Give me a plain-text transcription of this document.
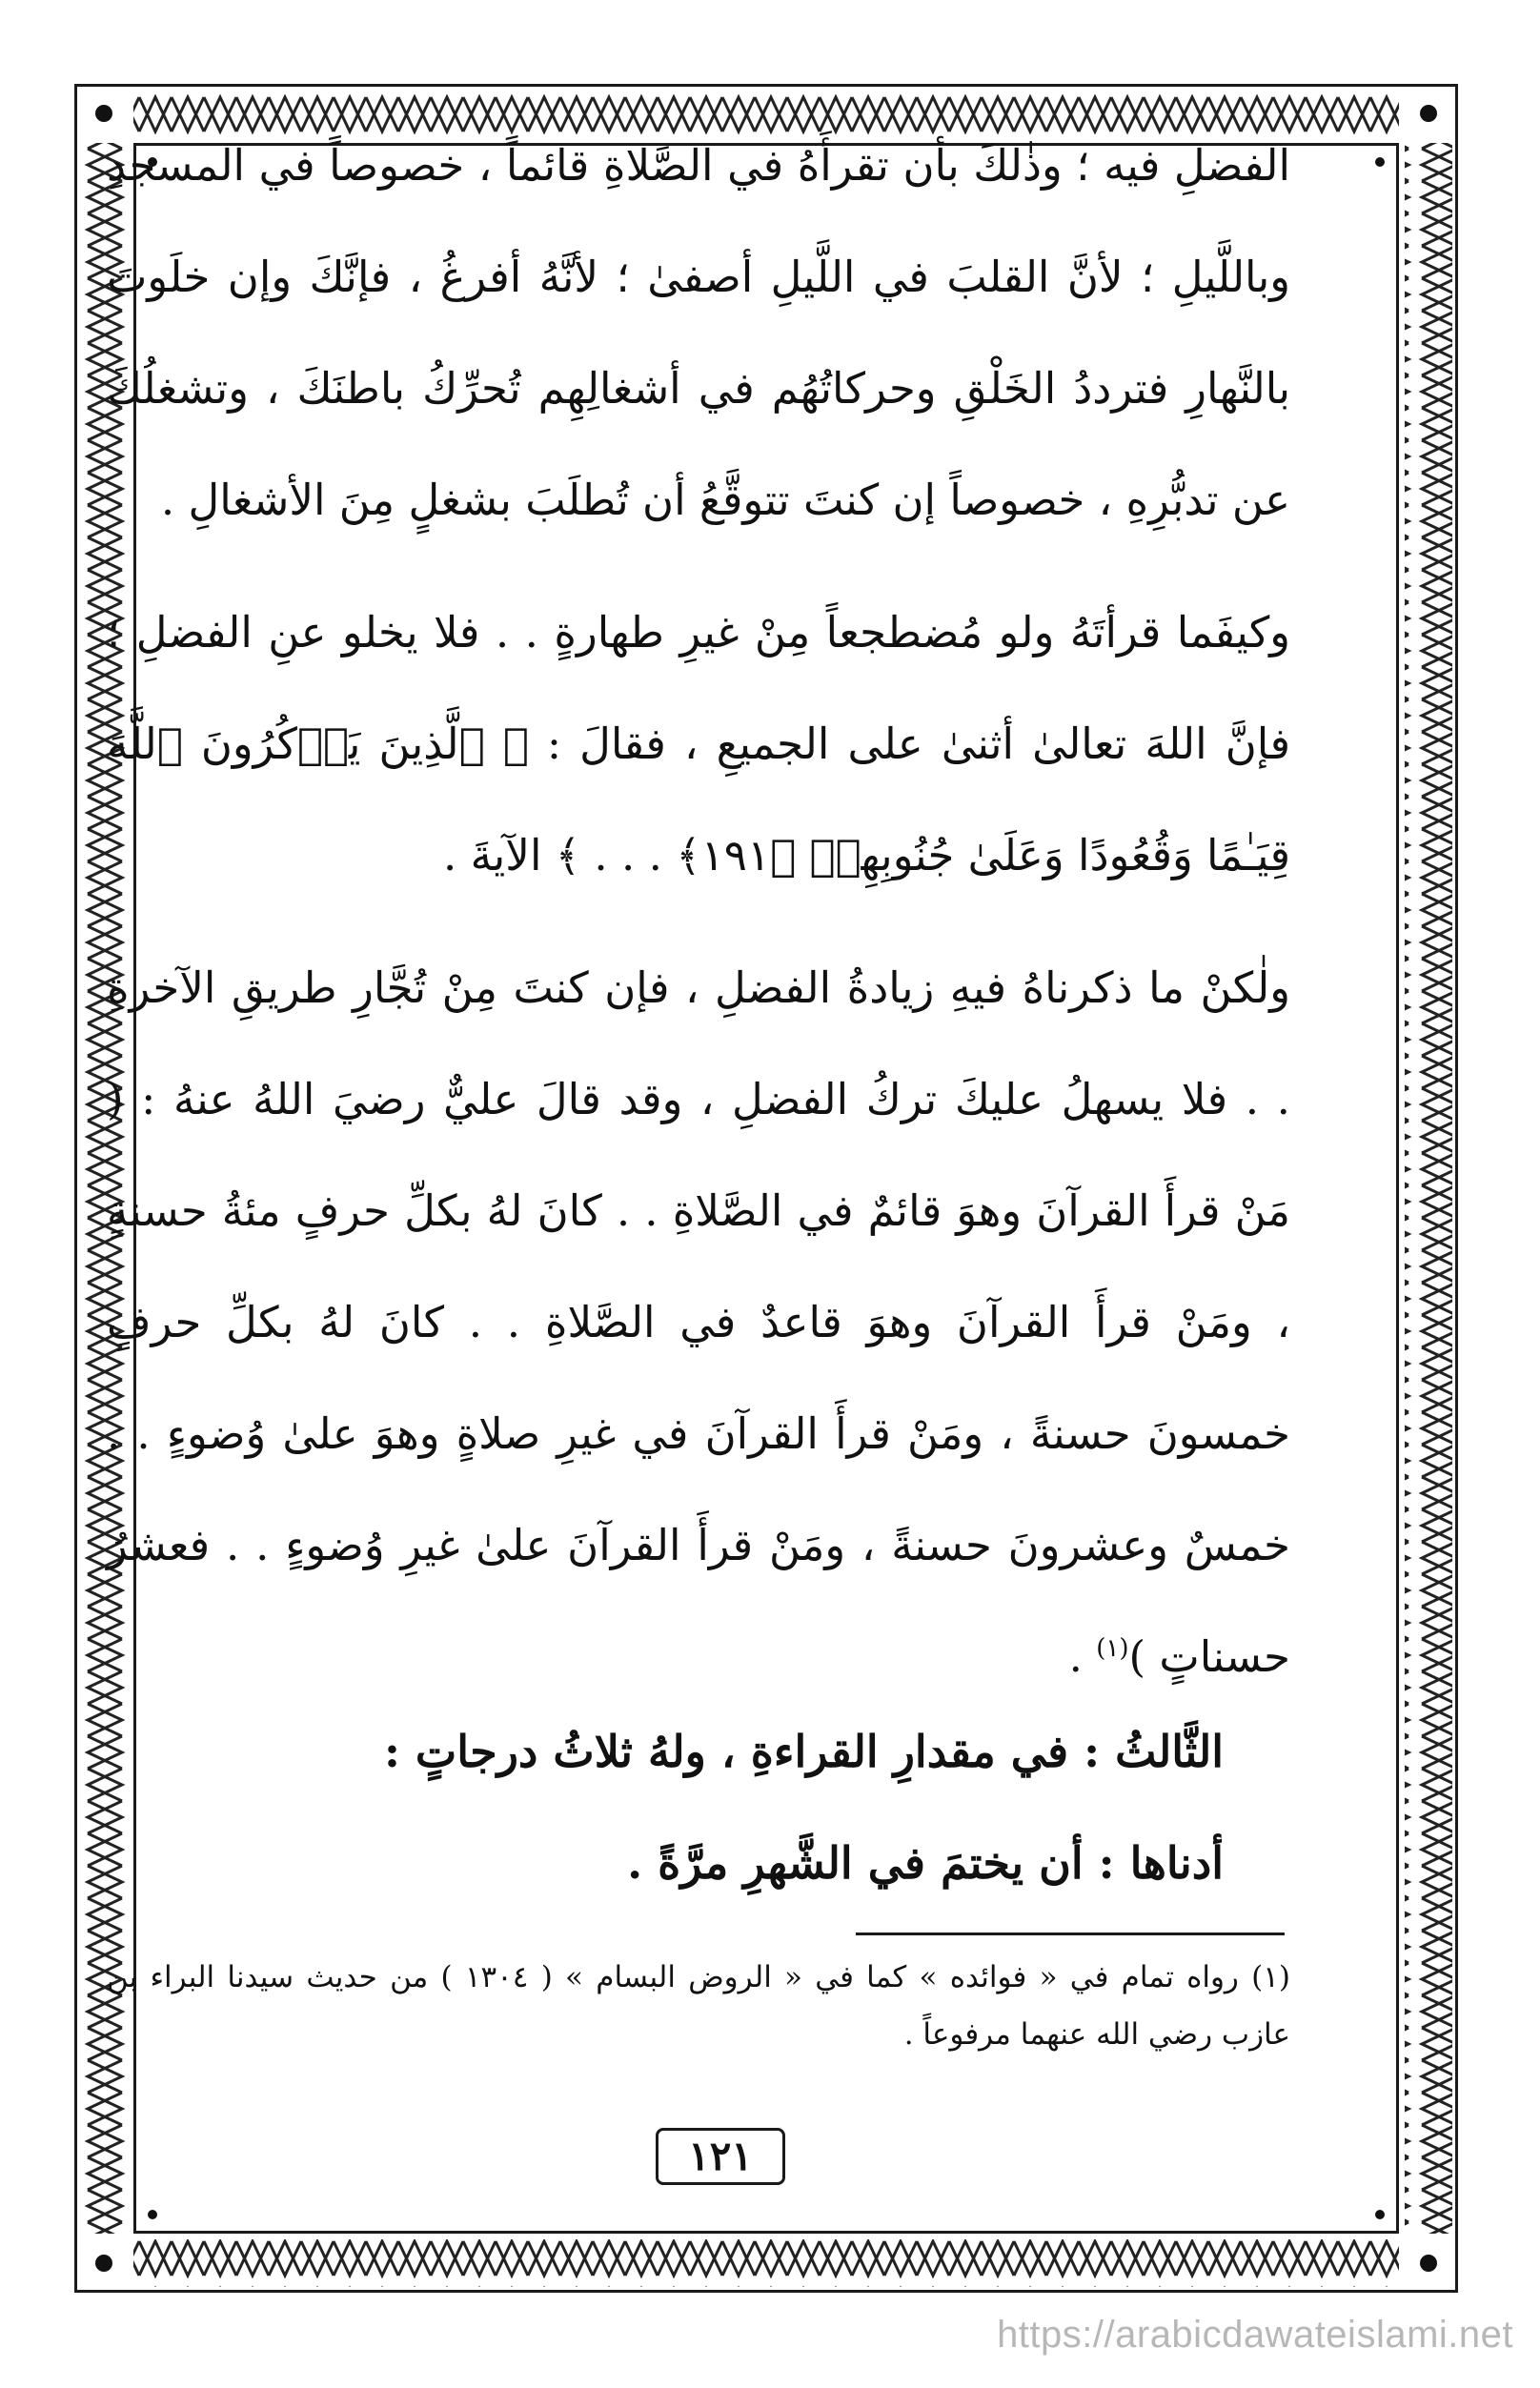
الفضلِ فيه ؛ وذٰلكَ بأن تقرأَهُ في الصَّلاةِ قائماً ، خصوصاً في المسجدِ وباللَّيلِ ؛ لأنَّ القلبَ في اللَّيلِ أصفىٰ ؛ لأنَّهُ أفرغُ ، فإنَّكَ وإن خلَوتَ بالنَّهارِ فترددُ الخَلْقِ وحركاتُهُم في أشغالِهِم تُحرِّكُ باطنَكَ ، وتشغلُكَ عن تدبُّرِهِ ، خصوصاً إن كنتَ تتوقَّعُ أن تُطلَبَ بشغلٍ مِنَ الأشغالِ .

وكيفَما قرأتَهُ ولو مُضطجعاً مِنْ غيرِ طهارةٍ . . فلا يخلو عنِ الفضلِ ؛ فإنَّ اللهَ تعالىٰ أثنىٰ على الجميعِ ، فقالَ : ﴿ ٱلَّذِينَ يَذۡكُرُونَ ٱللَّهَ قِيَـٰمًا وَقُعُودًا وَعَلَىٰ جُنُوبِهِمۡ ﴿١٩١﴾ . . . ﴾ الآيةَ .

ولٰكنْ ما ذكرناهُ فيهِ زيادةُ الفضلِ ، فإن كنتَ مِنْ تُجَّارِ طريقِ الآخرةِ . . فلا يسهلُ عليكَ تركُ الفضلِ ، وقد قالَ عليٌّ رضيَ اللهُ عنهُ : ( مَنْ قرأَ القرآنَ وهوَ قائمٌ في الصَّلاةِ . . كانَ لهُ بكلِّ حرفٍ مئةُ حسنةٍ ، ومَنْ قرأَ القرآنَ وهوَ قاعدٌ في الصَّلاةِ . . كانَ لهُ بكلِّ حرفٍ خمسونَ حسنةً ، ومَنْ قرأَ القرآنَ في غيرِ صلاةٍ وهوَ علىٰ وُضوءٍ . . خمسٌ وعشرونَ حسنةً ، ومَنْ قرأَ القرآنَ علىٰ غيرِ وُضوءٍ . . فعشرُ حسناتٍ )$^{(١)}$ .

الثَّالثُ : في مقدارِ القراءةِ ، ولهُ ثلاثُ درجاتٍ :

أدناها : أن يختمَ في الشَّهرِ مرَّةً .

(١) رواه تمام في « فوائده » كما في « الروض البسام » ( ١٣٠٤ ) من حديث سيدنا البراء بن عازب رضي الله عنهما مرفوعاً .

١٢١
https://arabicdawateislami.net
